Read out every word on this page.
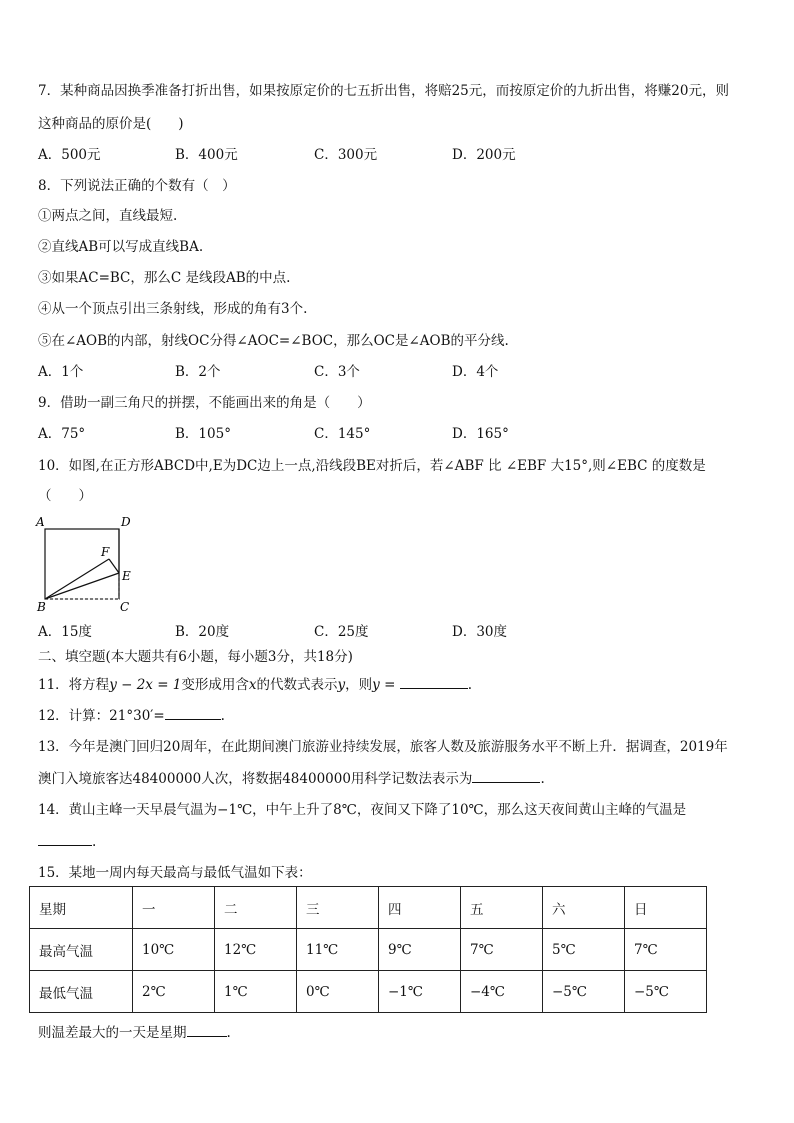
7．某种商品因换季准备打折出售，如果按原定价的七五折出售，将赔25元，而按原定价的九折出售，将赚20元，则
这种商品的原价是(　　)
A．500元	B．400元	C．300元	D．200元
8．下列说法正确的个数有（　）
①两点之间，直线最短.
②直线AB可以写成直线BA.
③如果AC=BC，那么C 是线段AB的中点.
④从一个顶点引出三条射线，形成的角有3个.
⑤在∠AOB的内部，射线OC分得∠AOC=∠BOC，那么OC是∠AOB的平分线.
A．1个	B．2个	C．3个	D．4个
9．借助一副三角尺的拼摆，不能画出来的角是（　　）
A．75°	B．105°	C．145°	D．165°
10．如图,在正方形ABCD中,E为DC边上一点,沿线段BE对折后，若∠ABF 比 ∠EBF 大15°,则∠EBC 的度数是
（　　）
A	D
F
E
B	C
A．15度	B．20度	C．25度	D．30度
二、填空题(本大题共有6小题，每小题3分，共18分)
11．将方程y − 2x = 1变形成用含x的代数式表示y，则y =	.
12．计算：21°30′=	.
13．今年是澳门回归20周年，在此期间澳门旅游业持续发展，旅客人数及旅游服务水平不断上升．据调查，2019年
澳门入境旅客达48400000人次，将数据48400000用科学记数法表示为	.
14．黄山主峰一天早晨气温为−1℃，中午上升了8℃，夜间又下降了10℃，那么这天夜间黄山主峰的气温是
.
15．某地一周内每天最高与最低气温如下表：
星期	一	二	三	四	五	六	日
最高气温	10℃	12℃	11℃	9℃	7℃	5℃	7℃
最低气温	2℃	1℃	0℃	−1℃	−4℃	−5℃	−5℃
则温差最大的一天是星期	.
